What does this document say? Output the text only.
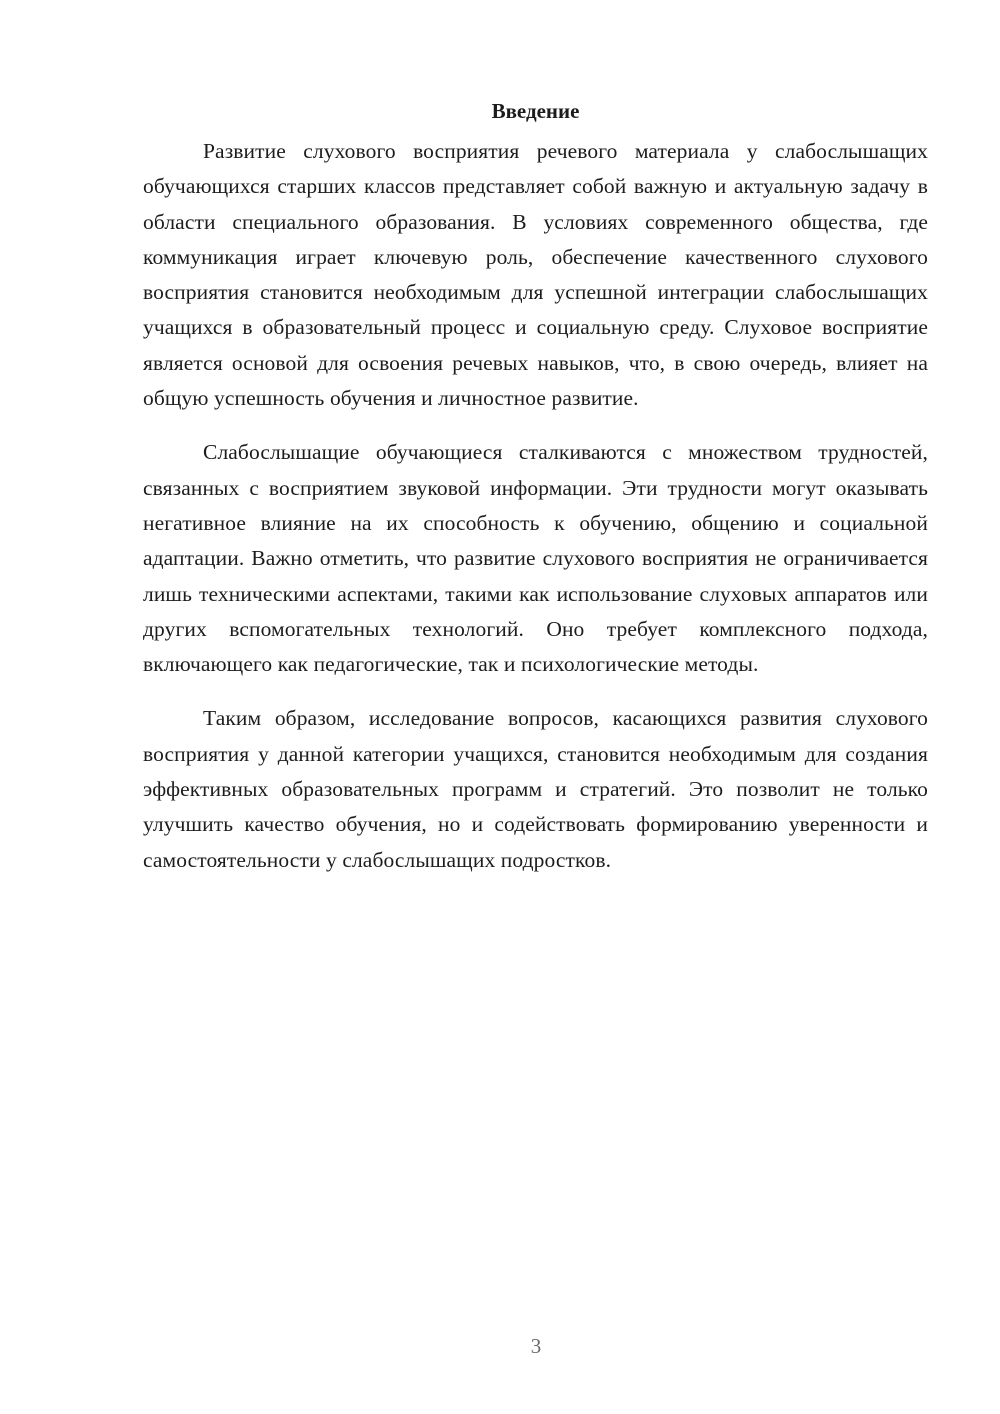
Введение

Развитие слухового восприятия речевого материала у слабослышащих обучающихся старших классов представляет собой важную и актуальную задачу в области специального образования. В условиях современного общества, где коммуникация играет ключевую роль, обеспечение качественного слухового восприятия становится необходимым для успешной интеграции слабослышащих учащихся в образовательный процесс и социальную среду. Слуховое восприятие является основой для освоения речевых навыков, что, в свою очередь, влияет на общую успешность обучения и личностное развитие.

Слабослышащие обучающиеся сталкиваются с множеством трудностей, связанных с восприятием звуковой информации. Эти трудности могут оказывать негативное влияние на их способность к обучению, общению и социальной адаптации. Важно отметить, что развитие слухового восприятия не ограничивается лишь техническими аспектами, такими как использование слуховых аппаратов или других вспомогательных технологий. Оно требует комплексного подхода, включающего как педагогические, так и психологические методы.

Таким образом, исследование вопросов, касающихся развития слухового восприятия у данной категории учащихся, становится необходимым для создания эффективных образовательных программ и стратегий. Это позволит не только улучшить качество обучения, но и содействовать формированию уверенности и самостоятельности у слабослышащих подростков.

3
